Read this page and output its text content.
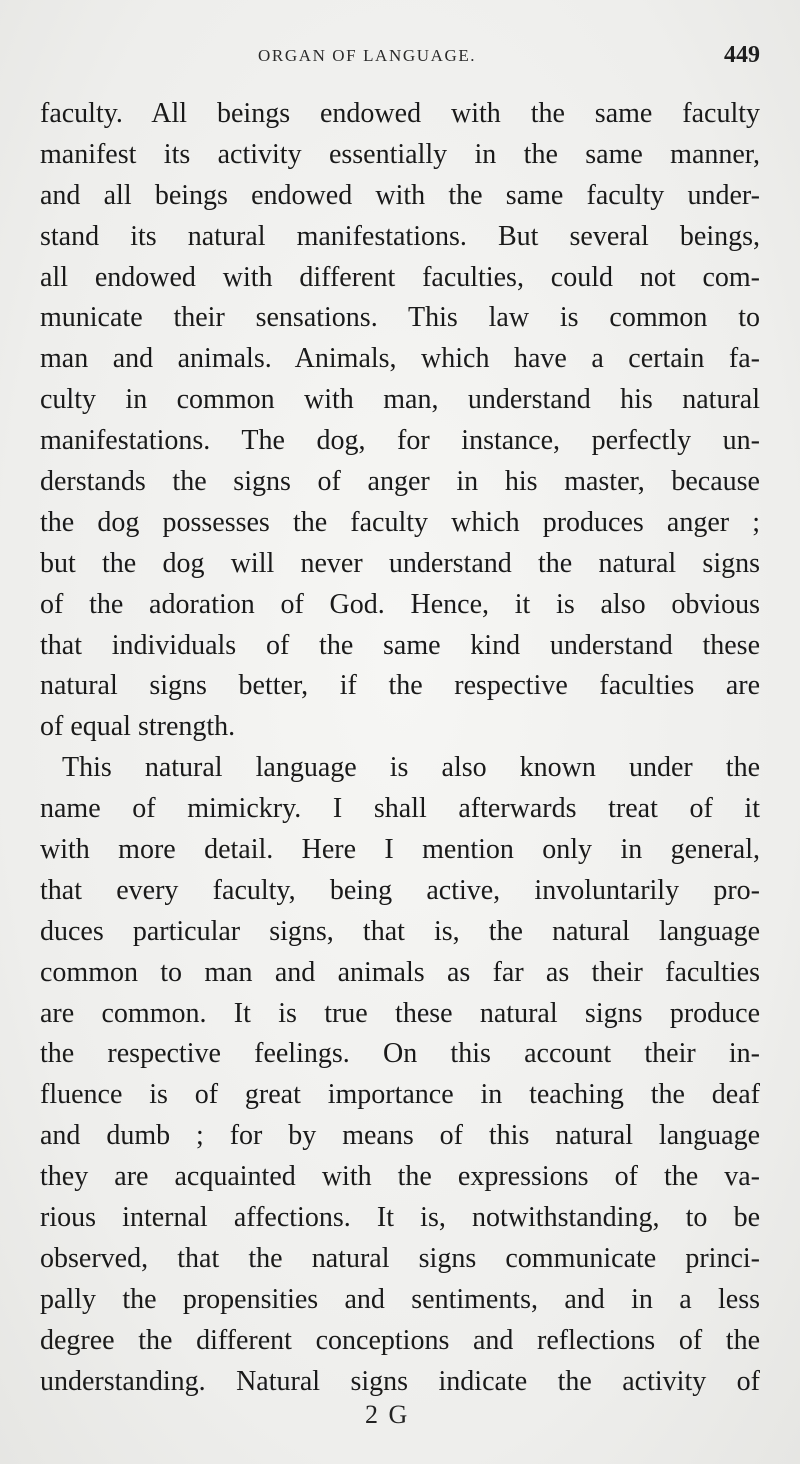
ORGAN OF LANGUAGE.	449
faculty. All beings endowed with the same faculty
manifest its activity essentially in the same manner,
and all beings endowed with the same faculty under-
stand its natural manifestations. But several beings,
all endowed with different faculties, could not com-
municate their sensations. This law is common to
man and animals. Animals, which have a certain fa-
culty in common with man, understand his natural
manifestations. The dog, for instance, perfectly un-
derstands the signs of anger in his master, because
the dog possesses the faculty which produces anger ;
but the dog will never understand the natural signs
of the adoration of God. Hence, it is also obvious
that individuals of the same kind understand these
natural signs better, if the respective faculties are
of equal strength.
This natural language is also known under the
name of mimickry. I shall afterwards treat of it
with more detail. Here I mention only in general,
that every faculty, being active, involuntarily pro-
duces particular signs, that is, the natural language
common to man and animals as far as their faculties
are common. It is true these natural signs produce
the respective feelings. On this account their in-
fluence is of great importance in teaching the deaf
and dumb ; for by means of this natural language
they are acquainted with the expressions of the va-
rious internal affections. It is, notwithstanding, to be
observed, that the natural signs communicate princi-
pally the propensities and sentiments, and in a less
degree the different conceptions and reflections of the
understanding. Natural signs indicate the activity of
2 G
